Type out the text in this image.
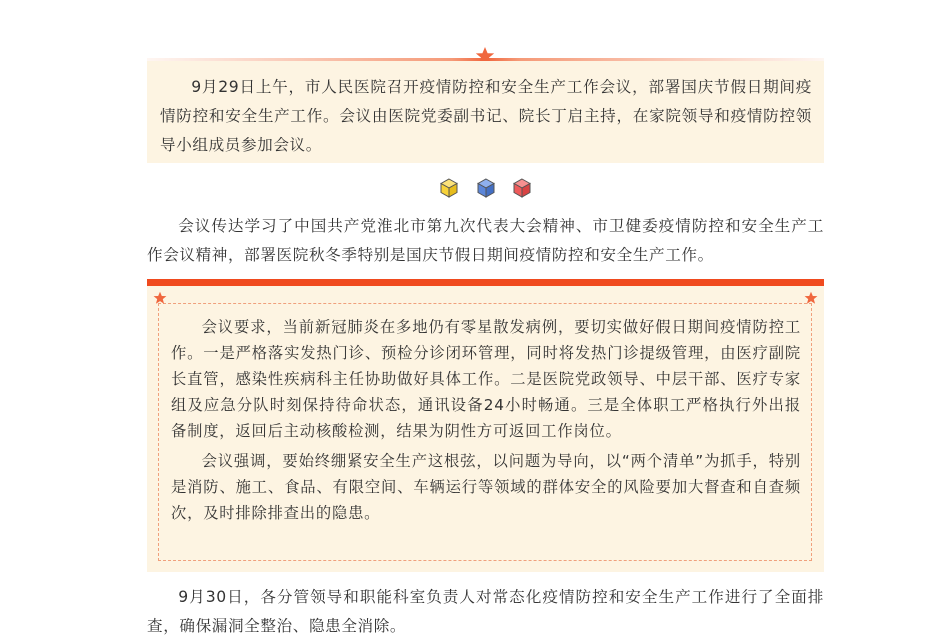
9月29日上午，市人民医院召开疫情防控和安全生产工作会议，部署国庆节假日期间疫情防控和安全生产工作。会议由医院党委副书记、院长丁启主持，在家院领导和疫情防控领导小组成员参加会议。

会议传达学习了中国共产党淮北市第九次代表大会精神、市卫健委疫情防控和安全生产工作会议精神，部署医院秋冬季特别是国庆节假日期间疫情防控和安全生产工作。

会议要求，当前新冠肺炎在多地仍有零星散发病例，要切实做好假日期间疫情防控工作。一是严格落实发热门诊、预检分诊闭环管理，同时将发热门诊提级管理，由医疗副院长直管，感染性疾病科主任协助做好具体工作。二是医院党政领导、中层干部、医疗专家组及应急分队时刻保持待命状态，通讯设备24小时畅通。三是全体职工严格执行外出报备制度，返回后主动核酸检测，结果为阴性方可返回工作岗位。

会议强调，要始终绷紧安全生产这根弦，以问题为导向，以“两个清单”为抓手，特别是消防、施工、食品、有限空间、车辆运行等领域的群体安全的风险要加大督查和自查频次，及时排除排查出的隐患。

9月30日，各分管领导和职能科室负责人对常态化疫情防控和安全生产工作进行了全面排查，确保漏洞全整治、隐患全消除。
